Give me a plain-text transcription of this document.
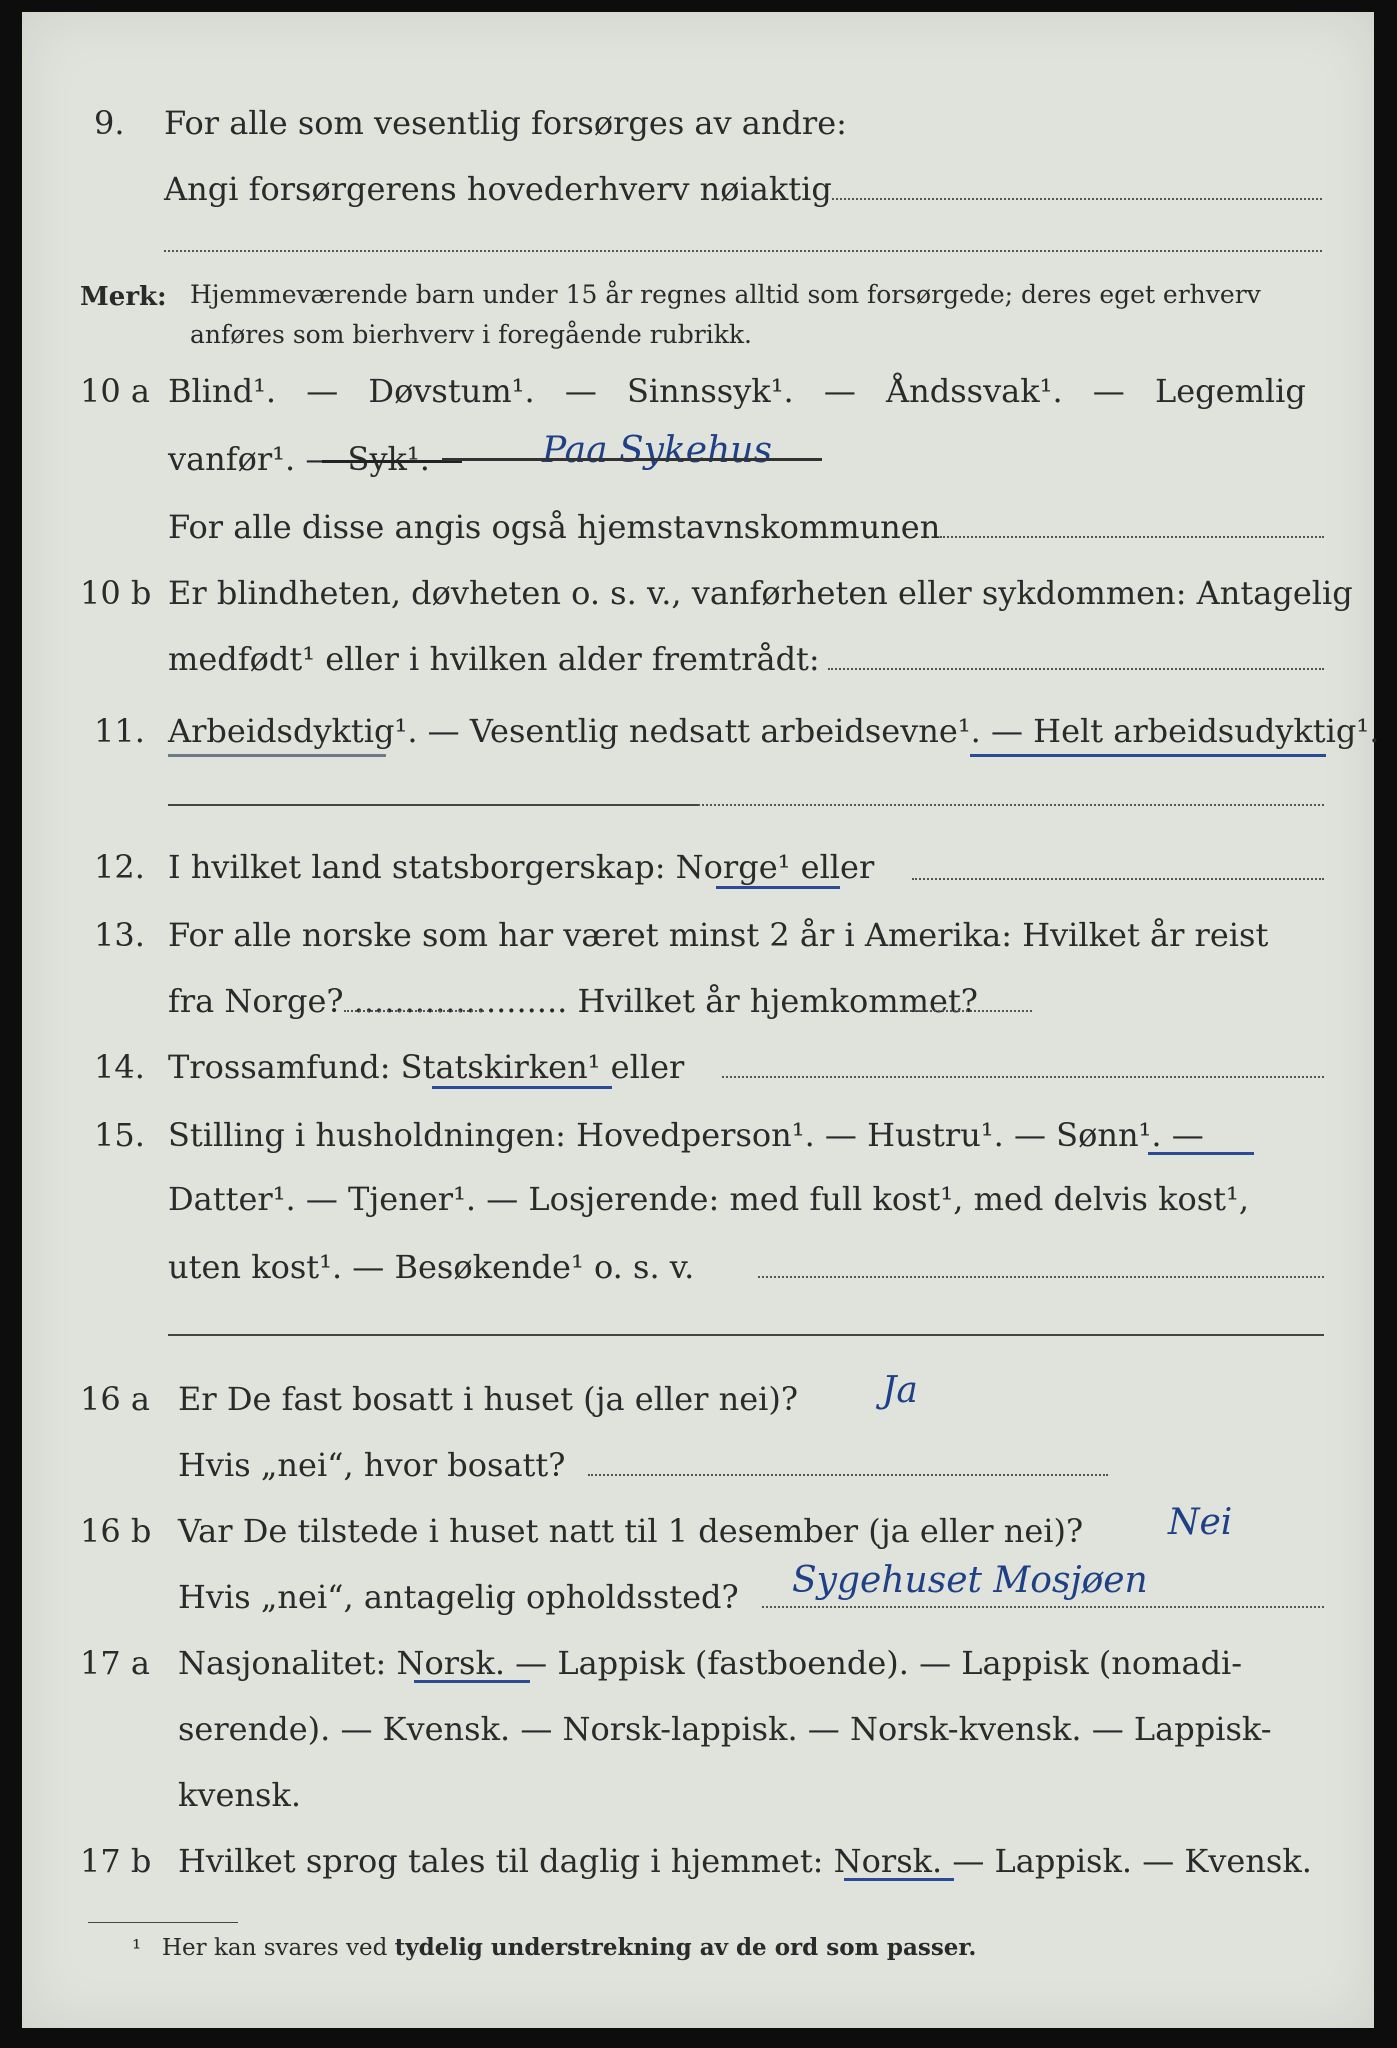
9. For alle som vesentlig forsørges av andre:
Angi forsørgerens hovederhverv nøiaktig
Merk: Hjemmeværende barn under 15 år regnes alltid som forsørgede; deres eget erhverv
anføres som bierhverv i foregående rubrikk.
10 a Blind¹. — Døvstum¹. — Sinnssyk¹. — Åndssvak¹. — Legemlig
vanfør¹. — Syk¹.	Paa Sykehus
For alle disse angis også hjemstavnskommunen
10 b Er blindheten, døvheten o. s. v., vanførheten eller sykdommen: Antagelig
medfødt¹ eller i hvilken alder fremtrådt:
11. Arbeidsdyktig¹. — Vesentlig nedsatt arbeidsevne¹. — Helt arbeidsudyktig¹.
12. I hvilket land statsborgerskap: Norge¹ eller
13. For alle norske som har været minst 2 år i Amerika: Hvilket år reist
fra Norge? ..................... Hvilket år hjemkommet?
14. Trossamfund: Statskirken¹ eller
15. Stilling i husholdningen: Hovedperson¹. — Hustru¹. — Sønn¹. —
Datter¹. — Tjener¹. — Losjerende: med full kost¹, med delvis kost¹,
uten kost¹. — Besøkende¹ o. s. v.
16 a Er De fast bosatt i huset (ja eller nei)? Ja
Hvis „nei“, hvor bosatt?
16 b Var De tilstede i huset natt til 1 desember (ja eller nei)? Nei
Hvis „nei“, antagelig opholdssted? Sygehuset Mosjøen
17 a Nasjonalitet: Norsk. — Lappisk (fastboende). — Lappisk (nomadi-
serende). — Kvensk. — Norsk-lappisk. — Norsk-kvensk. — Lappisk-
kvensk.
17 b Hvilket sprog tales til daglig i hjemmet: Norsk. — Lappisk. — Kvensk.
¹ Her kan svares ved tydelig understrekning av de ord som passer.
